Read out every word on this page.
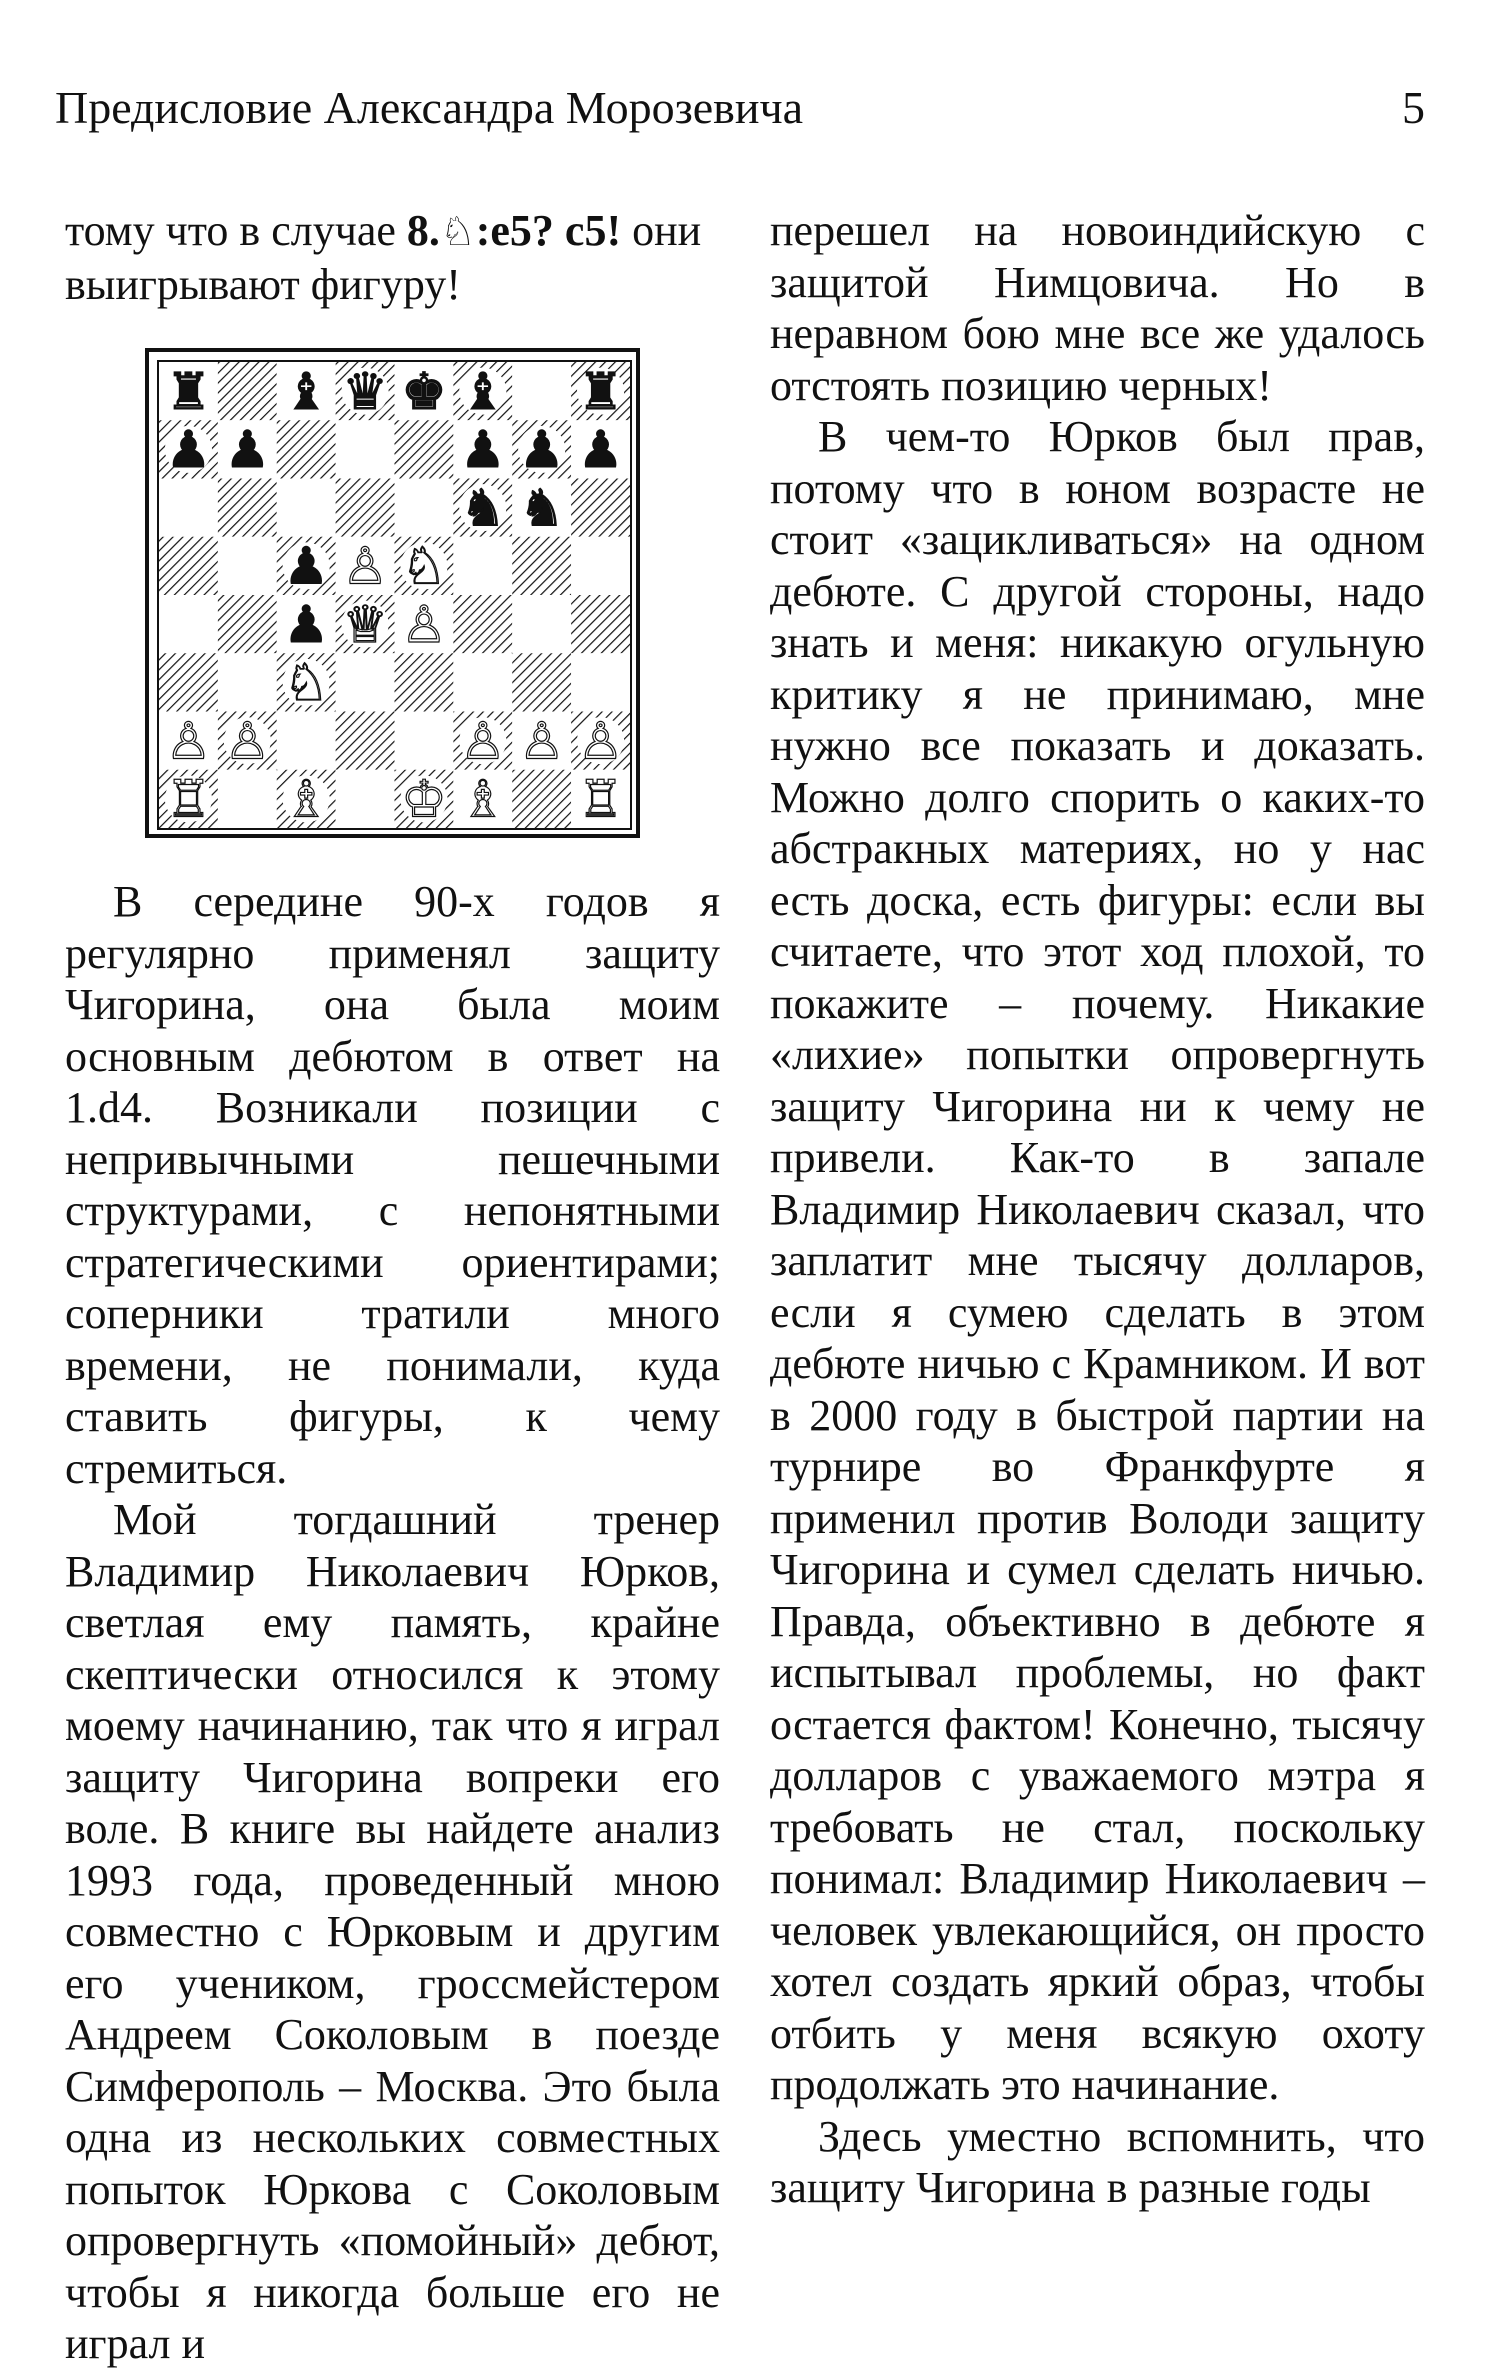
Предисловие Александра Морозевича	5

тому что в случае 8.♘:e5? c5! они выигрывают фигуру!

♜ ♝ ♛ ♚ ♝ ♜
♟ ♟	♟ ♟ ♟
♞ ♞
♟ ♙ ♘
♟ ♕ ♙
♘
♙ ♙	♙ ♙ ♙
♖ ♗ ♔ ♗ ♖

В середине 90-х годов я регулярно применял защиту Чигорина, она была моим основным дебютом в ответ на 1.d4. Возникали позиции с непривычными пешечными структурами, с непонятными стратегическими ориентирами; соперники тратили много времени, не понимали, куда ставить фигуры, к чему стремиться.

Мой тогдашний тренер Владимир Николаевич Юрков, светлая ему память, крайне скептически относился к этому моему начинанию, так что я играл защиту Чигорина вопреки его воле. В книге вы найдете анализ 1993 года, проведенный мною совместно с Юрковым и другим его учеником, гроссмейстером Андреем Соколовым в поезде Симферополь – Москва. Это была одна из нескольких совместных попыток Юркова с Соколовым опровергнуть «помойный» дебют, чтобы я никогда больше его не играл и

перешел на новоиндийскую с защитой Нимцовича. Но в неравном бою мне все же удалось отстоять позицию черных!

В чем-то Юрков был прав, потому что в юном возрасте не стоит «зацикливаться» на одном дебюте. С другой стороны, надо знать и меня: никакую огульную критику я не принимаю, мне нужно все показать и доказать. Можно долго спорить о каких-то абстракных материях, но у нас есть доска, есть фигуры: если вы считаете, что этот ход плохой, то покажите – почему. Никакие «лихие» попытки опровергнуть защиту Чигорина ни к чему не привели. Как-то в запале Владимир Николаевич сказал, что заплатит мне тысячу долларов, если я сумею сделать в этом дебюте ничью с Крамником. И вот в 2000 году в быстрой партии на турнире во Франкфурте я применил против Володи защиту Чигорина и сумел сделать ничью. Правда, объективно в дебюте я испытывал проблемы, но факт остается фактом! Конечно, тысячу долларов с уважаемого мэтра я требовать не стал, поскольку понимал: Владимир Николаевич – человек увлекающийся, он просто хотел создать яркий образ, чтобы отбить у меня всякую охоту продолжать это начинание.

Здесь уместно вспомнить, что защиту Чигорина в разные годы
